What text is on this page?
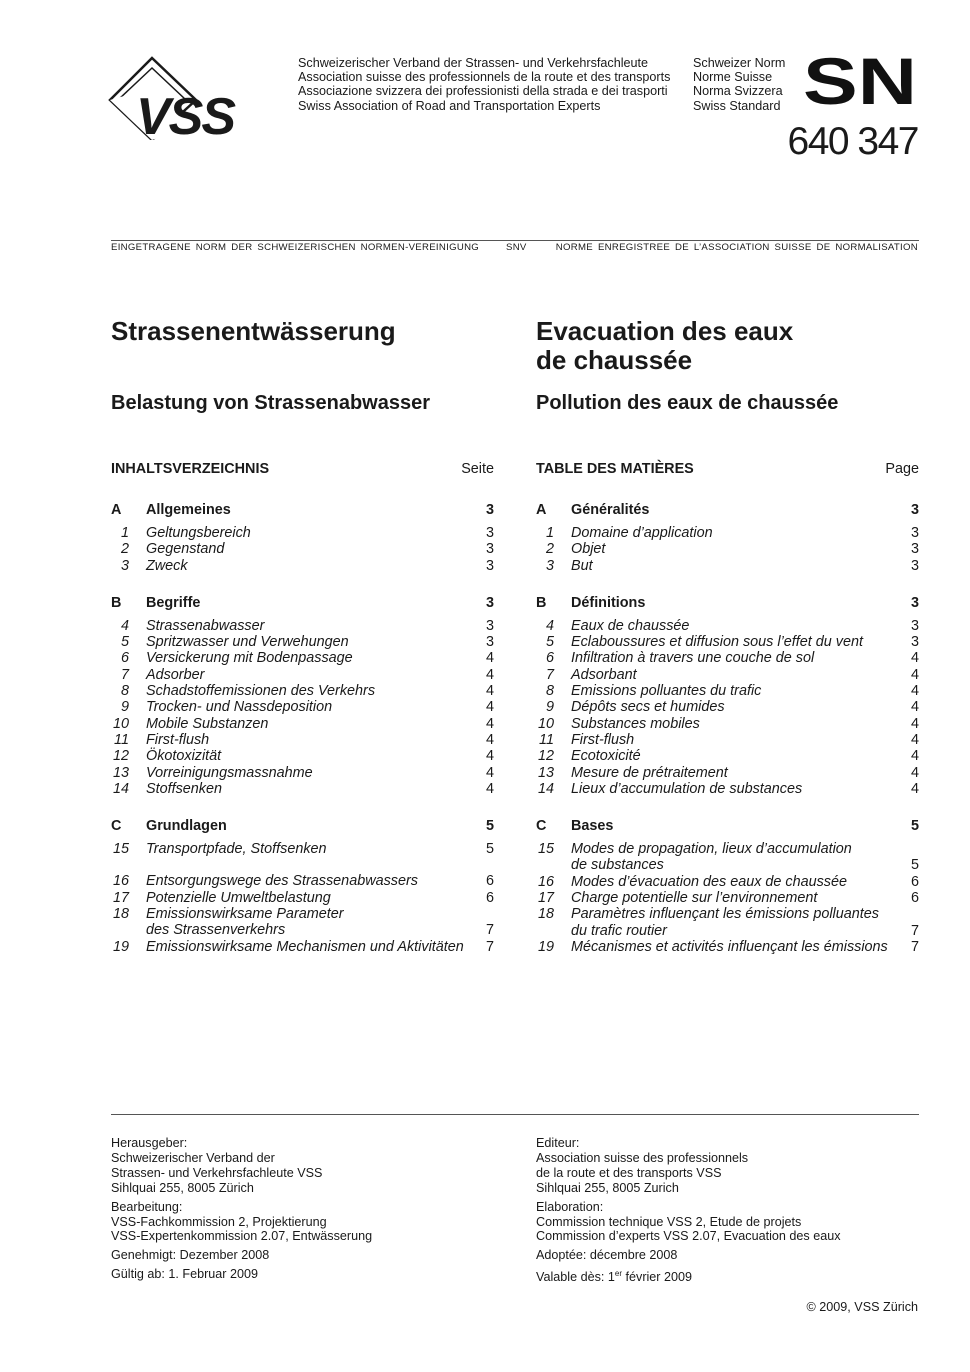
VSS
Schweizerischer Verband der Strassen- und Verkehrsfachleute
Association suisse des professionnels de la route et des transports
Associazione svizzera dei professionisti della strada e dei trasporti
Swiss Association of Road and Transportation Experts
Schweizer Norm
Norme Suisse
Norma Svizzera
Swiss Standard SN
640 347
EINGETRAGENE NORM DER SCHWEIZERISCHEN NORMEN-VEREINIGUNG	SNV	NORME ENREGISTREE DE L’ASSOCIATION SUISSE DE NORMALISATION
Strassenentwässerung	Evacuation des eaux
de chaussée
Belastung von Strassenabwasser	Pollution des eaux de chaussée
INHALTSVERZEICHNIS	Seite
A	Allgemeines	3
1	Geltungsbereich	3
2	Gegenstand	3
3	Zweck	3
B	Begriffe	3
4	Strassenabwasser	3
5	Spritzwasser und Verwehungen	3
6	Versickerung mit Bodenpassage	4
7	Adsorber	4
8	Schadstoffemissionen des Verkehrs	4
9	Trocken- und Nassdeposition	4
10	Mobile Substanzen	4
11	First-flush	4
12	Ökotoxizität	4
13	Vorreinigungsmassnahme	4
14	Stoffsenken	4
C	Grundlagen	5
15	Transportpfade, Stoffsenken	5
16	Entsorgungswege des Strassenabwassers	6
17	Potenzielle Umweltbelastung	6
18	Emissionswirksame Parameter
des Strassenverkehrs	7
19	Emissionswirksame Mechanismen und Aktivitäten	7
TABLE DES MATIÈRES	Page
A	Généralités	3
1	Domaine d’application	3
2	Objet	3
3	But	3
B	Définitions	3
4	Eaux de chaussée	3
5	Eclaboussures et diffusion sous l’effet du vent	3
6	Infiltration à travers une couche de sol	4
7	Adsorbant	4
8	Emissions polluantes du trafic	4
9	Dépôts secs et humides	4
10	Substances mobiles	4
11	First-flush	4
12	Ecotoxicité	4
13	Mesure de prétraitement	4
14	Lieux d’accumulation de substances	4
C	Bases	5
15	Modes de propagation, lieux d’accumulation
de substances	5
16	Modes d’évacuation des eaux de chaussée	6
17	Charge potentielle sur l’environnement	6
18	Paramètres influençant les émissions polluantes
du trafic routier	7
19	Mécanismes et activités influençant les émissions	7
Herausgeber:
Schweizerischer Verband der
Strassen- und Verkehrsfachleute VSS
Sihlquai 255, 8005 Zürich
Bearbeitung:
VSS-Fachkommission 2, Projektierung
VSS-Expertenkommission 2.07, Entwässerung
Genehmigt: Dezember 2008
Gültig ab: 1. Februar 2009
Editeur:
Association suisse des professionnels
de la route et des transports VSS
Sihlquai 255, 8005 Zurich
Elaboration:
Commission technique VSS 2, Etude de projets
Commission d’experts VSS 2.07, Evacuation des eaux
Adoptée: décembre 2008
Valable dès: 1er février 2009
© 2009, VSS Zürich
